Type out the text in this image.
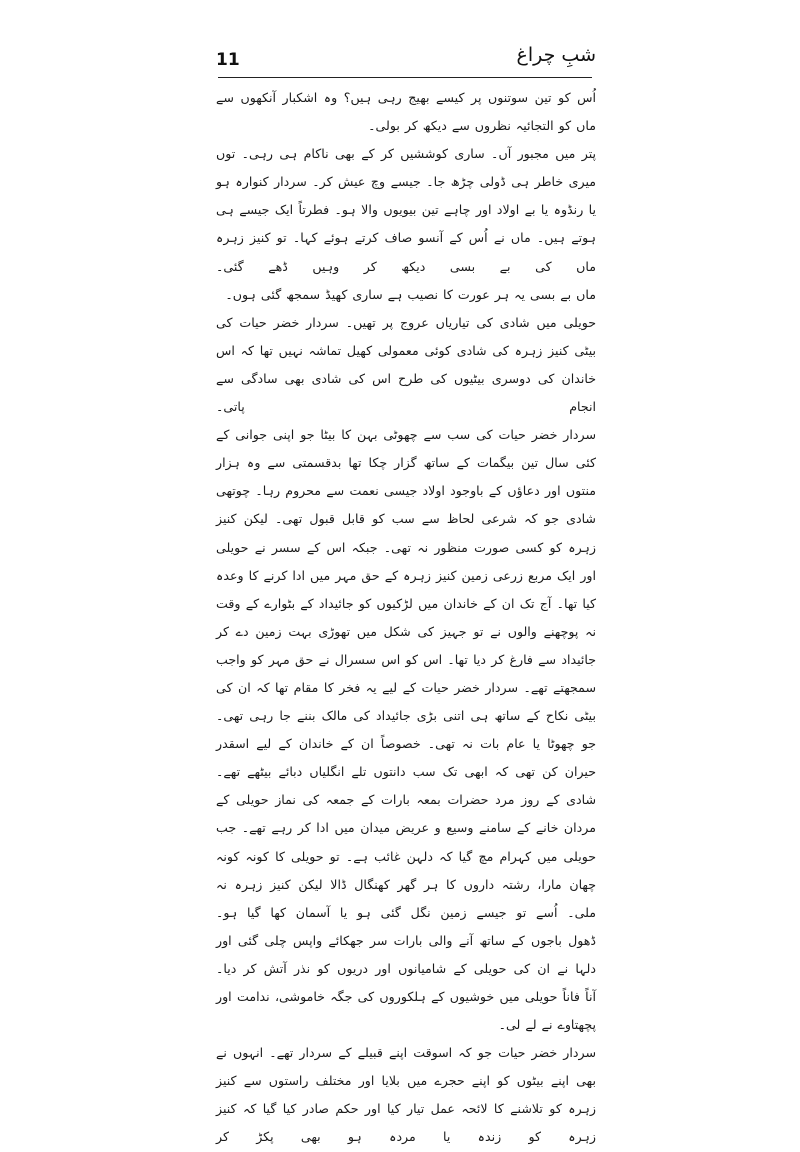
11	شبِ چراغ

اُس کو تین سوتنوں پر کیسے بھیج رہی ہیں؟ وہ اشکبار آنکھوں سے ماں کو التجائیہ نظروں سے دیکھ کر بولی۔

پتر میں مجبور آں۔ ساری کوششیں کر کے بھی ناکام ہی رہی۔ توں میری خاطر ہی ڈولی چڑھ جا۔ جیسے وچ عیش کر۔ سردار کنوارہ ہو یا رنڈوہ یا بے اولاد اور چاہے تین بیویوں والا ہو۔ فطرتاً ایک جیسے ہی ہوتے ہیں۔ ماں نے اُس کے آنسو صاف کرتے ہوئے کہا۔ تو کنیز زہرہ ماں کی بے بسی دیکھ کر وہیں ڈھے گئی۔

ماں بے بسی یہ ہر عورت کا نصیب ہے ساری کھیڈ سمجھ گئی ہوں۔

حویلی میں شادی کی تیاریاں عروج پر تھیں۔ سردار خضر حیات کی بیٹی کنیز زہرہ کی شادی کوئی معمولی کھیل تماشہ نہیں تھا کہ اس خاندان کی دوسری بیٹیوں کی طرح اس کی شادی بھی سادگی سے انجام پاتی۔

سردار خضر حیات کی سب سے چھوٹی بہن کا بیٹا جو اپنی جوانی کے کئی سال تین بیگمات کے ساتھ گزار چکا تھا بدقسمتی سے وہ ہزار منتوں اور دعاؤں کے باوجود اولاد جیسی نعمت سے محروم رہا۔ چوتھی شادی جو کہ شرعی لحاظ سے سب کو قابل قبول تھی۔ لیکن کنیز زہرہ کو کسی صورت منظور نہ تھی۔ جبکہ اس کے سسر نے حویلی اور ایک مربع زرعی زمین کنیز زہرہ کے حق مہر میں ادا کرنے کا وعدہ کیا تھا۔ آج تک ان کے خاندان میں لڑکیوں کو جائیداد کے بٹوارے کے وقت نہ پوچھنے والوں نے تو جہیز کی شکل میں تھوڑی بہت زمین دے کر جائیداد سے فارغ کر دیا تھا۔ اس کو اس سسرال نے حق مہر کو واجب سمجھتے تھے۔ سردار خضر حیات کے لیے یہ فخر کا مقام تھا کہ ان کی بیٹی نکاح کے ساتھ ہی اتنی بڑی جائیداد کی مالک بننے جا رہی تھی۔ جو چھوٹا یا عام بات نہ تھی۔ خصوصاً ان کے خاندان کے لیے اسقدر حیران کن تھی کہ ابھی تک سب دانتوں تلے انگلیاں دبائے بیٹھے تھے۔

شادی کے روز مرد حضرات بمعہ بارات کے جمعہ کی نماز حویلی کے مردان خانے کے سامنے وسیع و عریض میدان میں ادا کر رہے تھے۔ جب حویلی میں کہرام مچ گیا کہ دلہن غائب ہے۔ تو حویلی کا کونہ کونہ چھان مارا، رشتہ داروں کا ہر گھر کھنگال ڈالا لیکن کنیز زہرہ نہ ملی۔ اُسے تو جیسے زمین نگل گئی ہو یا آسمان کھا گیا ہو۔

ڈھول باجوں کے ساتھ آنے والی بارات سر جھکائے واپس چلی گئی اور دلہا نے ان کی حویلی کے شامیانوں اور دریوں کو نذر آتش کر دیا۔

آناً فاناً حویلی میں خوشیوں کے ہلکوروں کی جگہ خاموشی، ندامت اور پچھتاوے نے لے لی۔

سردار خضر حیات جو کہ اسوقت اپنے قبیلے کے سردار تھے۔ انہوں نے بھی اپنے بیٹوں کو اپنے حجرے میں بلایا اور مختلف راستوں سے کنیز زہرہ کو تلاشنے کا لائحہ عمل تیار کیا اور حکم صادر کیا گیا کہ کنیز زہرہ کو زندہ یا مردہ ہو بھی پکڑ کر
